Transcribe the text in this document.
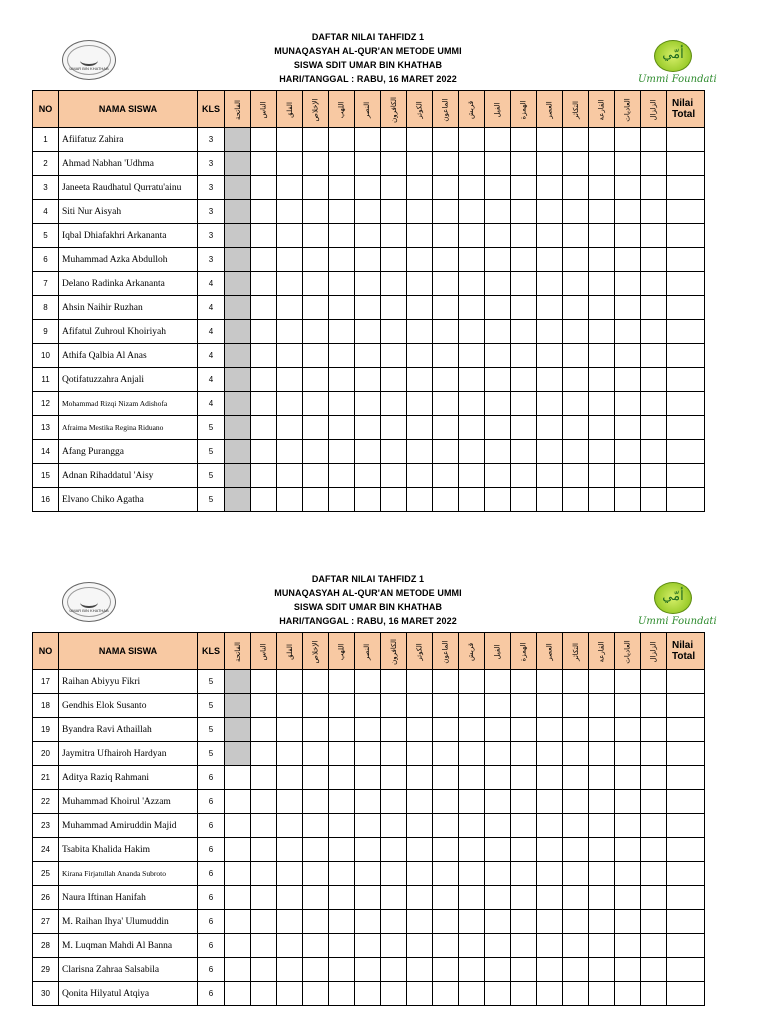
UMAR BIN KHATHAB
DAFTAR NILAI TAHFIDZ 1
MUNAQASYAH AL-QUR'AN METODE UMMI
SISWA SDIT UMAR BIN KHATHAB
HARI/TANGGAL : RABU, 16 MARET 2022
أمّي
Ummi Foundati
NO	NAMA SISWA	KLS	الفاتحة	الناس	الفلق	الإخلاص	اللهب	النصر	الكافرون	الكوثر	الماعون	قريش	الفيل	الهمزة	العصر	التكاثر	القارعة	العاديات	الزلزال	Nilai Total
1	Afiifatuz Zahira	3																		
2	Ahmad Nabhan 'Udhma	3																		
3	Janeeta Raudhatul Qurratu'ainu	3																		
4	Siti Nur Aisyah	3																		
5	Iqbal Dhiafakhri Arkananta	3																		
6	Muhammad Azka Abdulloh	3																		
7	Delano Radinka Arkananta	4																		
8	Ahsin Naihir Ruzhan	4																		
9	Afifatul Zuhroul Khoiriyah	4																		
10	Athifa Qalbia Al Anas	4																		
11	Qotifatuzzahra Anjali	4																		
12	Mohammad Rizqi Nizam Adishofa	4																		
13	Afraima Mestika Regina Riduano	5																		
14	Afang Purangga	5																		
15	Adnan Rihaddatul 'Aisy	5																		
16	Elvano Chiko Agatha	5																		
UMAR BIN KHATHAB
DAFTAR NILAI TAHFIDZ 1
MUNAQASYAH AL-QUR'AN METODE UMMI
SISWA SDIT UMAR BIN KHATHAB
HARI/TANGGAL : RABU, 16 MARET 2022
أمّي
Ummi Foundati
NO	NAMA SISWA	KLS	الفاتحة	الناس	الفلق	الإخلاص	اللهب	النصر	الكافرون	الكوثر	الماعون	قريش	الفيل	الهمزة	العصر	التكاثر	القارعة	العاديات	الزلزال	Nilai Total
17	Raihan Abiyyu Fikri	5																		
18	Gendhis Elok Susanto	5																		
19	Byandra Ravi Athaillah	5																		
20	Jaymitra Ufhairoh Hardyan	5																		
21	Aditya Raziq Rahmani	6																		
22	Muhammad Khoirul 'Azzam	6																		
23	Muhammad Amiruddin Majid	6																		
24	Tsabita Khalida Hakim	6																		
25	Kirana Firjatullah Ananda Subroto	6																		
26	Naura Iftinan Hanifah	6																		
27	M. Raihan Ihya' Ulumuddin	6																		
28	M. Luqman Mahdi Al Banna	6																		
29	Clarisna Zahraa Salsabila	6																		
30	Qonita Hilyatul Atqiya	6																		
